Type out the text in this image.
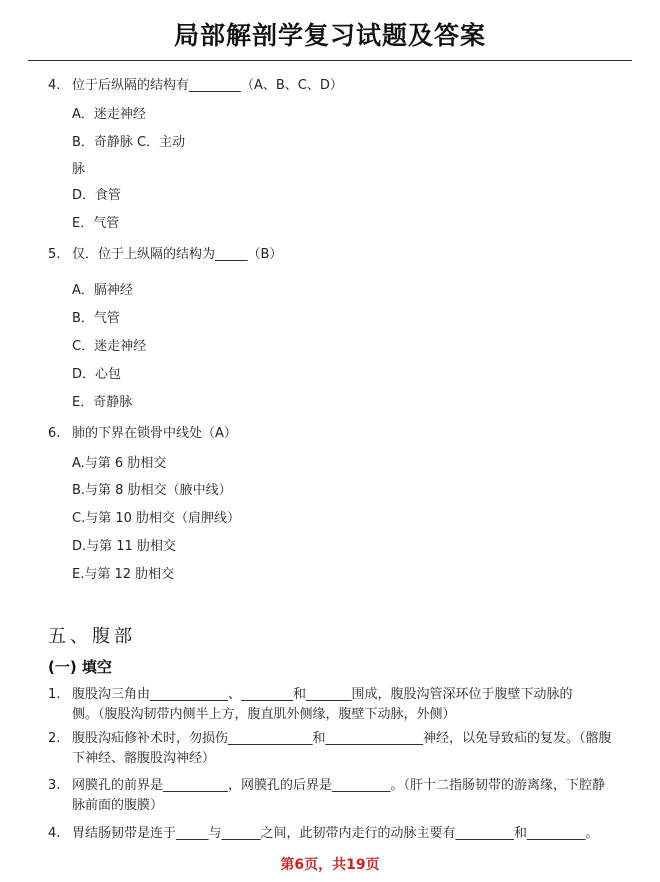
局部解剖学复习试题及答案
4. 位于后纵隔的结构有________（A、B、C、D）
A．迷走神经
B．奇静脉 C．主动
脉
D．食管
E．气管
5. 仅．位于上纵隔的结构为_____（B）
A．膈神经
B．气管
C．迷走神经
D．心包
E．奇静脉
6. 肺的下界在锁骨中线处（A）
A.与第 6 肋相交
B.与第 8 肋相交（腋中线）
C.与第 10 肋相交（肩胛线）
D.与第 11 肋相交
E.与第 12 肋相交
五、腹部
(一) 填空
1. 腹股沟三角由____________、________和_______围成，腹股沟管深环位于腹壁下动脉的
侧。（腹股沟韧带内侧半上方，腹直肌外侧缘，腹壁下动脉，外侧）
2. 腹股沟疝修补术时，勿损伤_____________和_______________神经，以免导致疝的复发。（髂腹
下神经、髂腹股沟神经）
3. 网膜孔的前界是__________，网膜孔的后界是_________。（肝十二指肠韧带的游离缘，下腔静
脉前面的腹膜）
4. 胃结肠韧带是连于_____与______之间，此韧带内走行的动脉主要有_________和_________。
第6页，共19页
